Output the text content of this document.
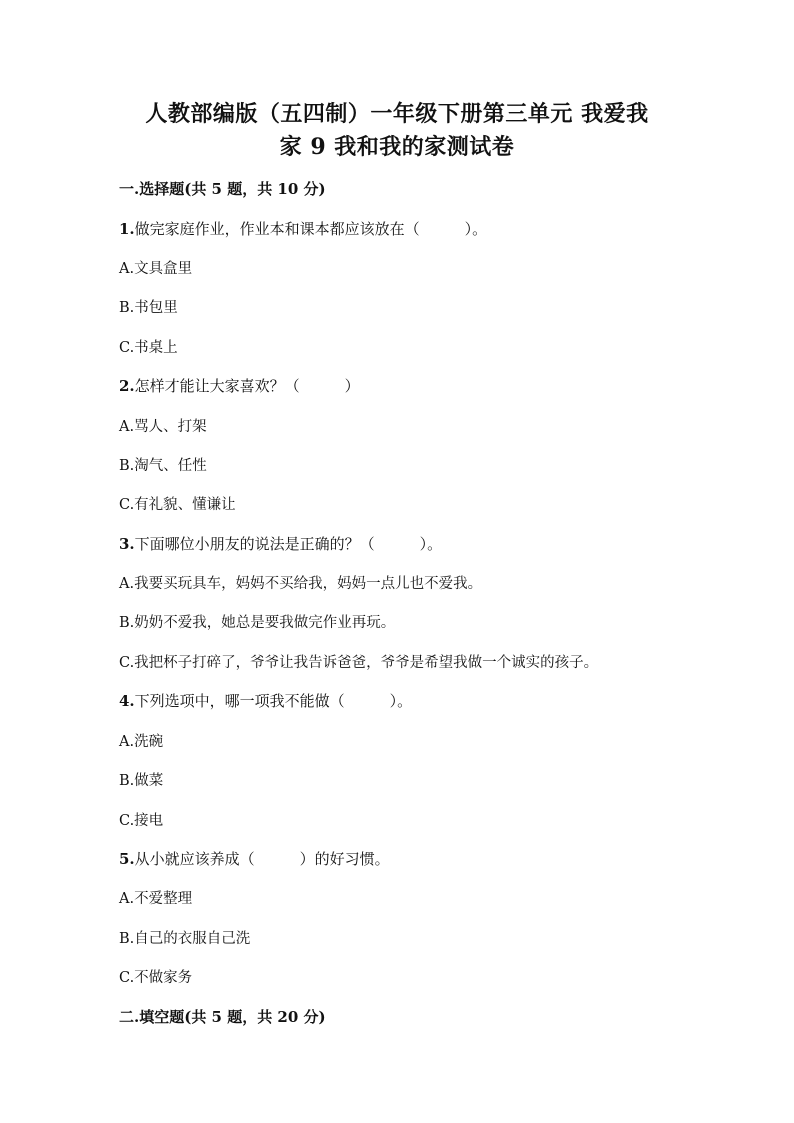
人教部编版（五四制）一年级下册第三单元 我爱我
家 9 我和我的家测试卷
一.选择题(共 5 题，共 10 分)
1.做完家庭作业，作业本和课本都应该放在（　　　）。
A.文具盒里
B.书包里
C.书桌上
2.怎样才能让大家喜欢？（　　　）
A.骂人、打架
B.淘气、任性
C.有礼貌、懂谦让
3.下面哪位小朋友的说法是正确的？（　　　）。
A.我要买玩具车，妈妈不买给我，妈妈一点儿也不爱我。
B.奶奶不爱我，她总是要我做完作业再玩。
C.我把杯子打碎了，爷爷让我告诉爸爸，爷爷是希望我做一个诚实的孩子。
4.下列选项中，哪一项我不能做（　　　）。
A.洗碗
B.做菜
C.接电
5.从小就应该养成（　　　）的好习惯。
A.不爱整理
B.自己的衣服自己洗
C.不做家务
二.填空题(共 5 题，共 20 分)
